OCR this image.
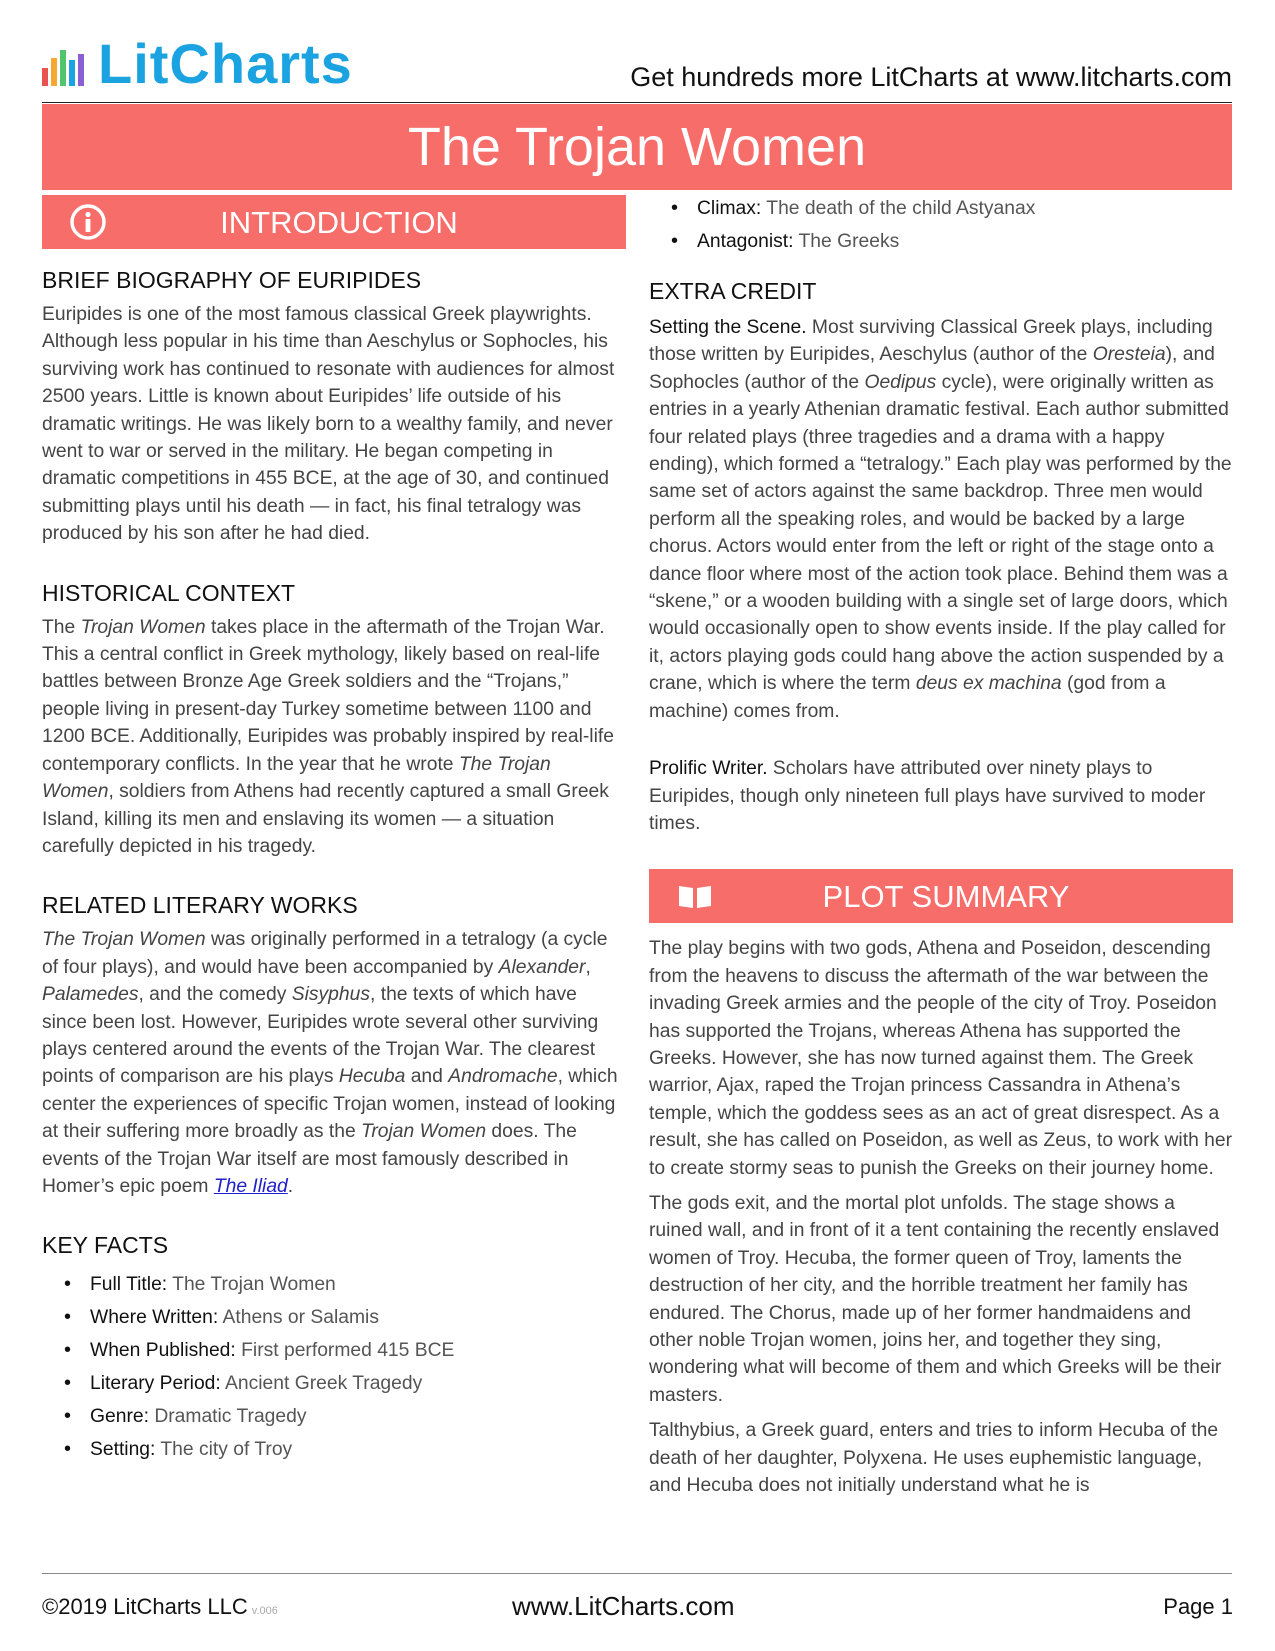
LitCharts	Get hundreds more LitCharts at www.litcharts.com
The Trojan Women
INTRODUCTION
BRIEF BIOGRAPHY OF EURIPIDES

Euripides is one of the most famous classical Greek playwrights. Although less popular in his time than Aeschylus or Sophocles, his surviving work has continued to resonate with audiences for almost 2500 years. Little is known about Euripides’ life outside of his dramatic writings. He was likely born to a wealthy family, and never went to war or served in the military. He began competing in dramatic competitions in 455 BCE, at the age of 30, and continued submitting plays until his death — in fact, his final tetralogy was produced by his son after he had died.

HISTORICAL CONTEXT

The Trojan Women takes place in the aftermath of the Trojan War. This a central conflict in Greek mythology, likely based on real-life battles between Bronze Age Greek soldiers and the “Trojans,” people living in present-day Turkey sometime between 1100 and 1200 BCE. Additionally, Euripides was probably inspired by real-life contemporary conflicts. In the year that he wrote The Trojan Women, soldiers from Athens had recently captured a small Greek Island, killing its men and enslaving its women — a situation carefully depicted in his tragedy.

RELATED LITERARY WORKS

The Trojan Women was originally performed in a tetralogy (a cycle of four plays), and would have been accompanied by Alexander, Palamedes, and the comedy Sisyphus, the texts of which have since been lost. However, Euripides wrote several other surviving plays centered around the events of the Trojan War. The clearest points of comparison are his plays Hecuba and Andromache, which center the experiences of specific Trojan women, instead of looking at their suffering more broadly as the Trojan Women does. The events of the Trojan War itself are most famously described in Homer’s epic poem The Iliad.

KEY FACTS
• Full Title: The Trojan Women
• Where Written: Athens or Salamis
• When Published: First performed 415 BCE
• Literary Period: Ancient Greek Tragedy
• Genre: Dramatic Tragedy
• Setting: The city of Troy
• Climax: The death of the child Astyanax
• Antagonist: The Greeks
EXTRA CREDIT

Setting the Scene. Most surviving Classical Greek plays, including those written by Euripides, Aeschylus (author of the Oresteia), and Sophocles (author of the Oedipus cycle), were originally written as entries in a yearly Athenian dramatic festival. Each author submitted four related plays (three tragedies and a drama with a happy ending), which formed a “tetralogy.” Each play was performed by the same set of actors against the same backdrop. Three men would perform all the speaking roles, and would be backed by a large chorus. Actors would enter from the left or right of the stage onto a dance floor where most of the action took place. Behind them was a “skene,” or a wooden building with a single set of large doors, which would occasionally open to show events inside. If the play called for it, actors playing gods could hang above the action suspended by a crane, which is where the term deus ex machina (god from a machine) comes from.

Prolific Writer. Scholars have attributed over ninety plays to Euripides, though only nineteen full plays have survived to moder times.

PLOT SUMMARY

The play begins with two gods, Athena and Poseidon, descending from the heavens to discuss the aftermath of the war between the invading Greek armies and the people of the city of Troy. Poseidon has supported the Trojans, whereas Athena has supported the Greeks. However, she has now turned against them. The Greek warrior, Ajax, raped the Trojan princess Cassandra in Athena’s temple, which the goddess sees as an act of great disrespect. As a result, she has called on Poseidon, as well as Zeus, to work with her to create stormy seas to punish the Greeks on their journey home.

The gods exit, and the mortal plot unfolds. The stage shows a ruined wall, and in front of it a tent containing the recently enslaved women of Troy. Hecuba, the former queen of Troy, laments the destruction of her city, and the horrible treatment her family has endured. The Chorus, made up of her former handmaidens and other noble Trojan women, joins her, and together they sing, wondering what will become of them and which Greeks will be their masters.

Talthybius, a Greek guard, enters and tries to inform Hecuba of the death of her daughter, Polyxena. He uses euphemistic language, and Hecuba does not initially understand what he is

©2019 LitCharts LLC v.006	www.LitCharts.com	Page 1
